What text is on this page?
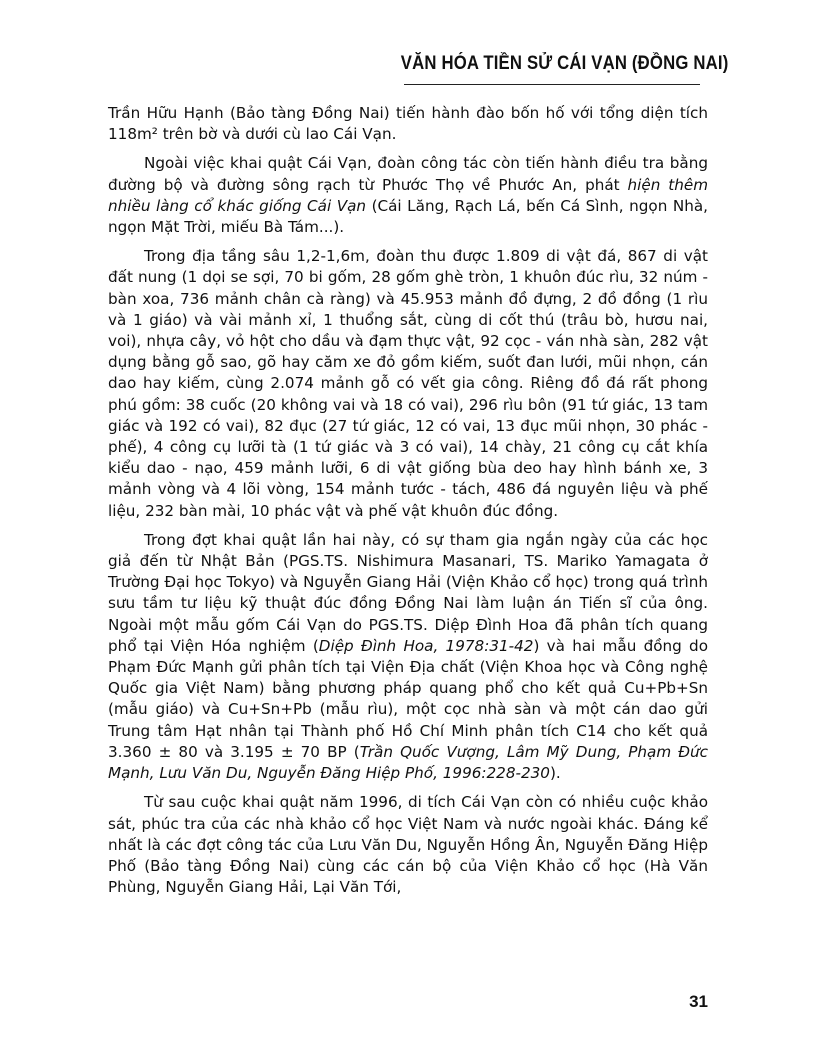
VĂN HÓA TIỀN SỬ CÁI VẠN (ĐỒNG NAI)

Trần Hữu Hạnh (Bảo tàng Đồng Nai) tiến hành đào bốn hố với tổng diện tích 118m² trên bờ và dưới cù lao Cái Vạn.

Ngoài việc khai quật Cái Vạn, đoàn công tác còn tiến hành điều tra bằng đường bộ và đường sông rạch từ Phước Thọ về Phước An, phát hiện thêm nhiều làng cổ khác giống Cái Vạn (Cái Lăng, Rạch Lá, bến Cá Sình, ngọn Nhà, ngọn Mặt Trời, miếu Bà Tám...).

Trong địa tầng sâu 1,2-1,6m, đoàn thu được 1.809 di vật đá, 867 di vật đất nung (1 dọi se sợi, 70 bi gốm, 28 gốm ghè tròn, 1 khuôn đúc rìu, 32 núm - bàn xoa, 736 mảnh chân cà ràng) và 45.953 mảnh đồ đựng, 2 đồ đồng (1 rìu và 1 giáo) và vài mảnh xỉ, 1 thuổng sắt, cùng di cốt thú (trâu bò, hươu nai, voi), nhựa cây, vỏ hột cho dầu và đạm thực vật, 92 cọc - ván nhà sàn, 282 vật dụng bằng gỗ sao, gõ hay căm xe đỏ gồm kiếm, suốt đan lưới, mũi nhọn, cán dao hay kiếm, cùng 2.074 mảnh gỗ có vết gia công. Riêng đồ đá rất phong phú gồm: 38 cuốc (20 không vai và 18 có vai), 296 rìu bôn (91 tứ giác, 13 tam giác và 192 có vai), 82 đục (27 tứ giác, 12 có vai, 13 đục mũi nhọn, 30 phác - phế), 4 công cụ lưỡi tà (1 tứ giác và 3 có vai), 14 chày, 21 công cụ cắt khía kiểu dao - nạo, 459 mảnh lưỡi, 6 di vật giống bùa deo hay hình bánh xe, 3 mảnh vòng và 4 lõi vòng, 154 mảnh tước - tách, 486 đá nguyên liệu và phế liệu, 232 bàn mài, 10 phác vật và phế vật khuôn đúc đồng.

Trong đợt khai quật lần hai này, có sự tham gia ngắn ngày của các học giả đến từ Nhật Bản (PGS.TS. Nishimura Masanari, TS. Mariko Yamagata ở Trường Đại học Tokyo) và Nguyễn Giang Hải (Viện Khảo cổ học) trong quá trình sưu tầm tư liệu kỹ thuật đúc đồng Đồng Nai làm luận án Tiến sĩ của ông. Ngoài một mẫu gốm Cái Vạn do PGS.TS. Diệp Đình Hoa đã phân tích quang phổ tại Viện Hóa nghiệm (Diệp Đình Hoa, 1978:31-42) và hai mẫu đồng do Phạm Đức Mạnh gửi phân tích tại Viện Địa chất (Viện Khoa học và Công nghệ Quốc gia Việt Nam) bằng phương pháp quang phổ cho kết quả Cu+Pb+Sn (mẫu giáo) và Cu+Sn+Pb (mẫu rìu), một cọc nhà sàn và một cán dao gửi Trung tâm Hạt nhân tại Thành phố Hồ Chí Minh phân tích C14 cho kết quả 3.360 ± 80 và 3.195 ± 70 BP (Trần Quốc Vượng, Lâm Mỹ Dung, Phạm Đức Mạnh, Lưu Văn Du, Nguyễn Đăng Hiệp Phố, 1996:228-230).

Từ sau cuộc khai quật năm 1996, di tích Cái Vạn còn có nhiều cuộc khảo sát, phúc tra của các nhà khảo cổ học Việt Nam và nước ngoài khác. Đáng kể nhất là các đợt công tác của Lưu Văn Du, Nguyễn Hồng Ân, Nguyễn Đăng Hiệp Phố (Bảo tàng Đồng Nai) cùng các cán bộ của Viện Khảo cổ học (Hà Văn Phùng, Nguyễn Giang Hải, Lại Văn Tới,

31
